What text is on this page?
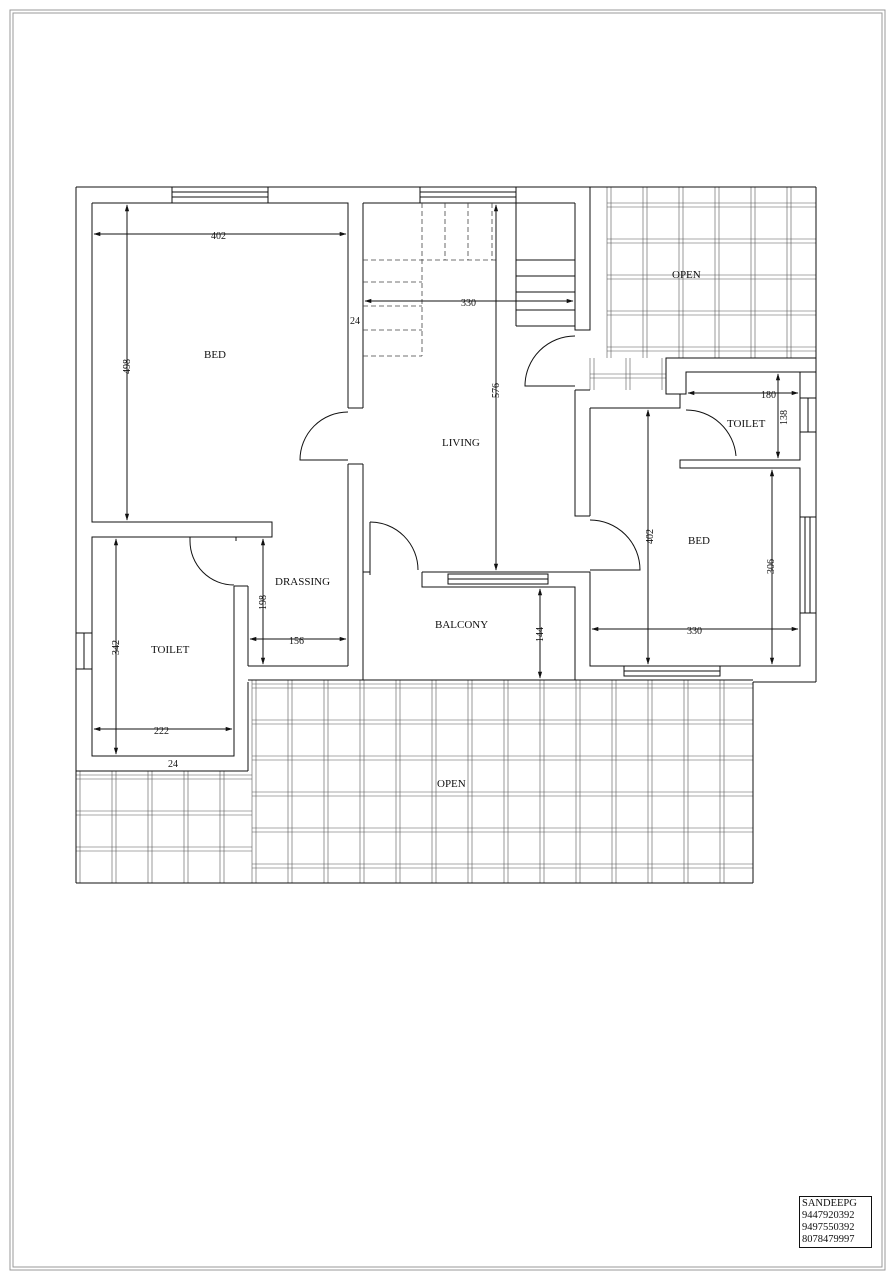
BED
LIVING
OPEN
TOILET
BED
DRASSING
TOILET
BALCONY
OPEN
402
498
330
24
576	180
138
402
306
330
198
156
342
222
24
144
SANDEEPG
9447920392
9497550392
8078479997
